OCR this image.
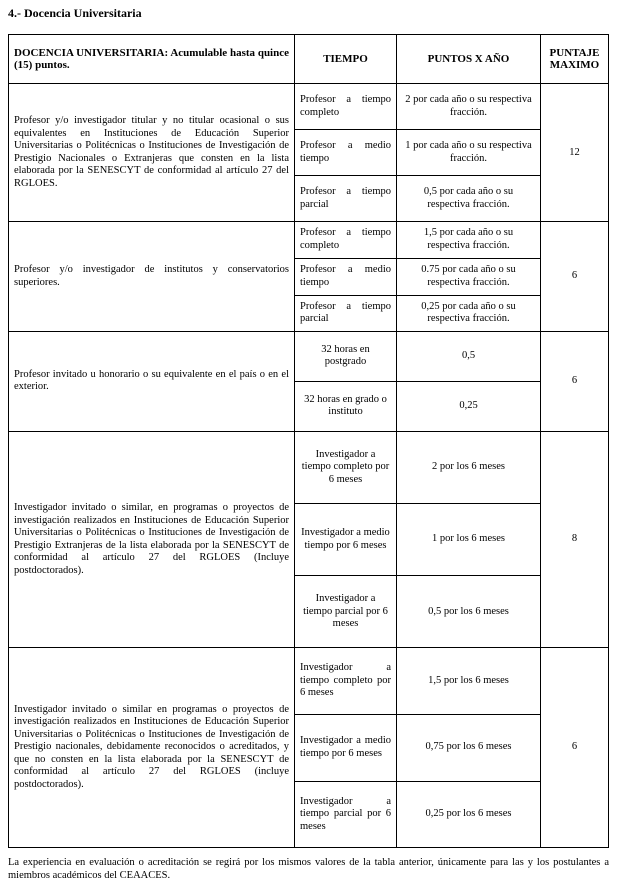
4.- Docencia Universitaria
DOCENCIA UNIVERSITARIA: Acumulable hasta quince (15) puntos.	TIEMPO	PUNTOS X AÑO	PUNTAJE MAXIMO
Profesor y/o investigador titular y no titular ocasional o sus equivalentes en Instituciones de Educación Superior Universitarias o Politécnicas o Instituciones de Investigación de Prestigio Nacionales o Extranjeras que consten en la lista elaborada por la SENESCYT de conformidad al artículo 27 del RGLOES.	Profesor a tiempo completo	2 por cada año o su respectiva fracción.	12
	Profesor a medio tiempo	1 por cada año o su respectiva fracción.	
	Profesor a tiempo parcial	0,5 por cada año o su respectiva fracción.	
Profesor y/o investigador de institutos y conservatorios superiores.	Profesor a tiempo completo	1,5 por cada año o su respectiva fracción.	6
	Profesor a medio tiempo	0.75 por cada año o su respectiva fracción.	
	Profesor a tiempo parcial	0,25 por cada año o su respectiva fracción.	
Profesor invitado u honorario o su equivalente en el país o en el exterior.	32 horas en postgrado	0,5	6
	32 horas en grado o instituto	0,25	
Investigador invitado o similar, en programas o proyectos de investigación realizados en Instituciones de Educación Superior Universitarias o Politécnicas o Instituciones de Investigación de Prestigio Extranjeras de la lista elaborada por la SENESCYT de conformidad al artículo 27 del RGLOES (Incluye postdoctorados).	Investigador a tiempo completo por 6 meses	2 por los 6 meses	8
	Investigador a medio tiempo por 6 meses	1 por los 6 meses	
	Investigador a tiempo parcial por 6 meses	0,5 por los 6 meses	
Investigador invitado o similar en programas o proyectos de investigación realizados en Instituciones de Educación Superior Universitarias o Politécnicas o Instituciones de Investigación de Prestigio nacionales, debidamente reconocidos o acreditados, y que no consten en la lista elaborada por la SENESCYT de conformidad al artículo 27 del RGLOES (incluye postdoctorados).	Investigador a tiempo completo por 6 meses	1,5 por los 6 meses	6
	Investigador a medio tiempo por 6 meses	0,75 por los 6 meses	
	Investigador a tiempo parcial por 6 meses	0,25 por los 6 meses	
La experiencia en evaluación o acreditación se regirá por los mismos valores de la tabla anterior, únicamente para las y los postulantes a miembros académicos del CEAACES.
